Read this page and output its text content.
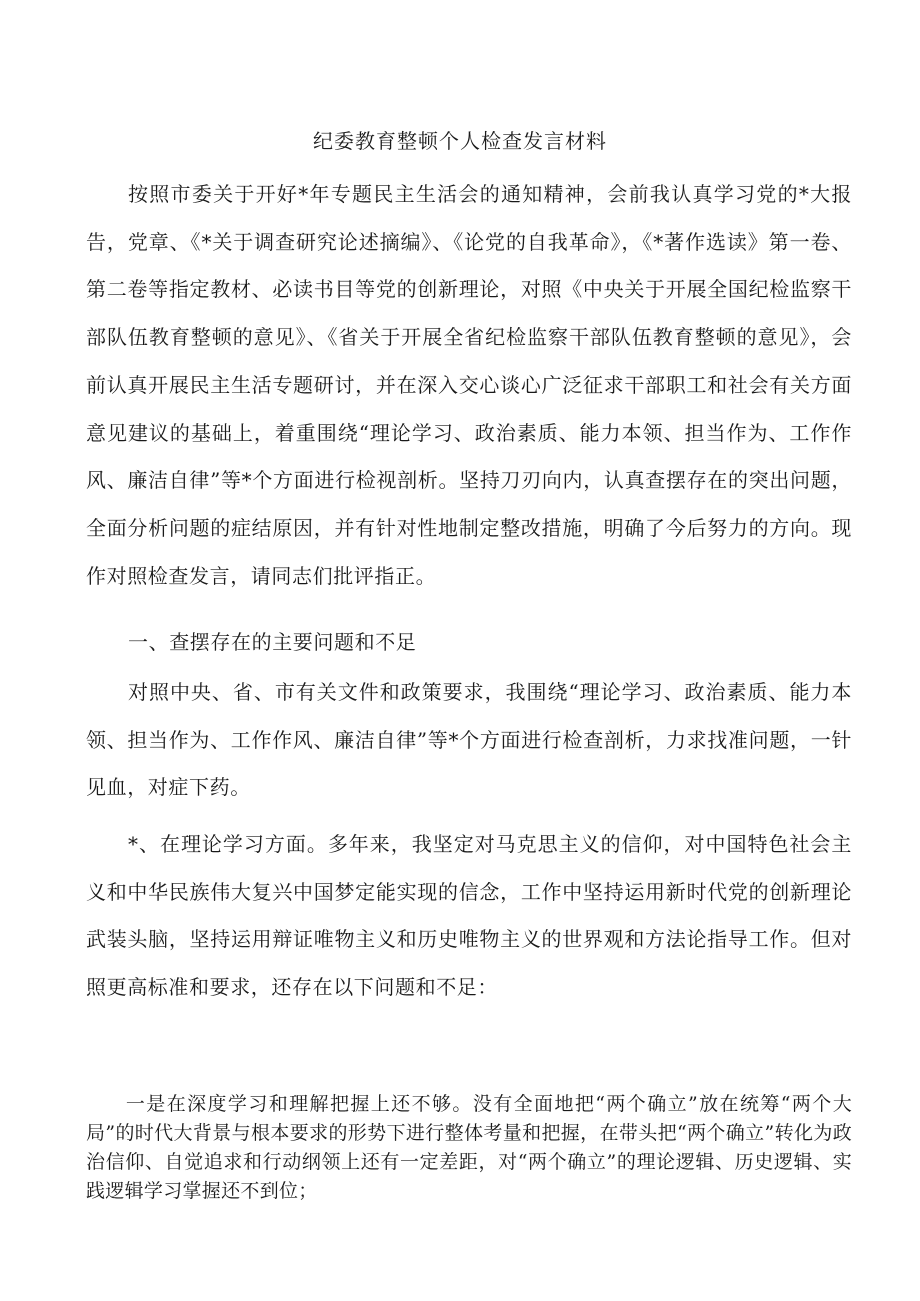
纪委教育整顿个人检查发言材料

按照市委关于开好*年专题民主生活会的通知精神，会前我认真学习党的*大报告，党章、《*关于调查研究论述摘编》、《论党的自我革命》，《*著作选读》第一卷、第二卷等指定教材、必读书目等党的创新理论，对照《中央关于开展全国纪检监察干部队伍教育整顿的意见》、《省关于开展全省纪检监察干部队伍教育整顿的意见》，会前认真开展民主生活专题研讨，并在深入交心谈心广泛征求干部职工和社会有关方面意见建议的基础上，着重围绕“理论学习、政治素质、能力本领、担当作为、工作作风、廉洁自律”等*个方面进行检视剖析。坚持刀刃向内，认真查摆存在的突出问题，全面分析问题的症结原因，并有针对性地制定整改措施，明确了今后努力的方向。现作对照检查发言，请同志们批评指正。

一、查摆存在的主要问题和不足

对照中央、省、市有关文件和政策要求，我围绕“理论学习、政治素质、能力本领、担当作为、工作作风、廉洁自律”等*个方面进行检查剖析，力求找准问题，一针见血，对症下药。

*、在理论学习方面。多年来，我坚定对马克思主义的信仰，对中国特色社会主义和中华民族伟大复兴中国梦定能实现的信念，工作中坚持运用新时代党的创新理论武装头脑，坚持运用辩证唯物主义和历史唯物主义的世界观和方法论指导工作。但对照更高标准和要求，还存在以下问题和不足：

一是在深度学习和理解把握上还不够。没有全面地把“两个确立”放在统筹“两个大局”的时代大背景与根本要求的形势下进行整体考量和把握，在带头把“两个确立”转化为政治信仰、自觉追求和行动纲领上还有一定差距，对“两个确立”的理论逻辑、历史逻辑、实践逻辑学习掌握还不到位；
